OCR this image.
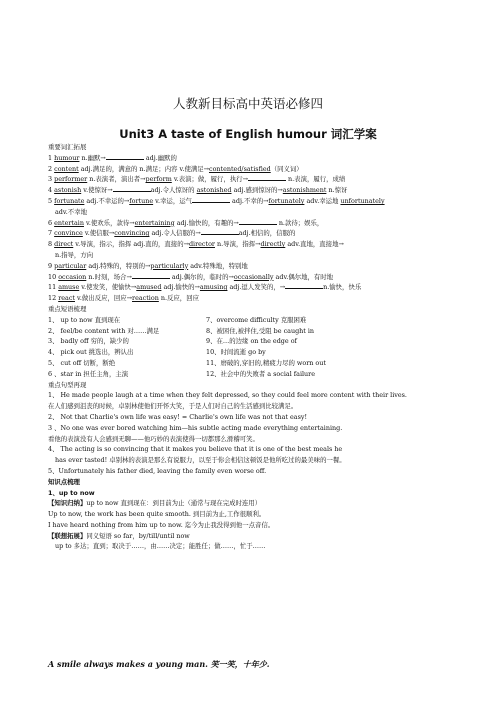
人教新目标高中英语必修四
Unit3 A taste of English humour 词汇学案
重要词汇拓展
1 humour n.幽默→	adj.幽默的
2 content adj.满足的，满意的 n.满足；内容 v.使满足→contented/satisfied（同义词）
3 performer n.表演者，演出者→perform v.表演；做，履行，执行→	n.表演，履行，成绩
4 astonish v.使惊讶→	adj.令人惊讶的 astonished adj.感到惊讶的→astonishment n.惊讶
5 fortunate adj.不幸运的→fortune v.幸运，运气	adj.不幸的→fortunately adv.幸运地 unfortunately
adv.不幸地
6 entertain v.使欢乐，款待→entertaining adj.愉快的，有趣的→	n.款待；娱乐，
7 convince v.使信服→convincing adj.令人信服的→	adj.相信的，信服的
8 direct v.导演，指示，指挥 adj.直的，直接的→director n.导演，指挥→directly adv.直地，直接地→
n.指导，方向
9 particular adj.特殊的，特别的→particularly adv.特殊地，特别地
10 occasion n.时刻，场合→	adj.偶尔的，临时的→occasionally adv.偶尔地，有时地
11 amuse v.使发笑，使愉快→amused adj.愉快的→amusing adj.逗人发笑的，→	n.愉快，快乐
12 react v.做出反应，回应→reaction n.反应，回应
重点短语梳理
1、 up to now 直到现在	7、overcome difficulty 克服困难
2、 feel/be content with 对……满足	8、被困住,被拌住,受阻 be caught in
3、 badly off 穷的，缺少的	9、在…的边缘 on the edge of
4、 pick out 挑选出，辨认出	10、时间流逝 go by
5、 cut off 切断，断绝	11、磨破的,穿旧的,精疲力尽的 worn out
6 、star in 担任主角，主演	12、社会中的失败者 a social failure
重点句型再现
1、 He made people laugh at a time when they felt depressed, so they could feel more content with their lives.
在人们感到沮丧的时候，卓别林使他们开怀大笑，于是人们对自己的生活感到比较满足。
2、 Not that Charlie's own life was easy! = Charlie's own life was not that easy!
3 、No one was ever bored watching him—his subtle acting made everything entertaining.
看他的表演没有人会感到无聊——他巧妙的表演使得一切都那么滑稽可笑。
4、 The acting is so convincing that it makes you believe that it is one of the best meals he
has ever tasted! 卓别林的表演是那么有说服力，以至于你会相信这顿饭是他所吃过的最美味的一餐。
5、Unfortunately his father died, leaving the family even worse off.
知识点梳理
1、up to now
【知识归纳】up to now 直到现在：到目前为止（通常与现在完成时连用）
Up to now, the work has been quite smooth. 到目前为止,工作很顺利。
I have heard nothing from him up to now. 迄今为止我没得到他一点音信。
【联想拓展】同义短语 so far，by/till/until now
up to 多达；直到；取决于……，由……决定；能胜任；做……，忙于……
A smile always makes a young man. 笑一笑，十年少.
